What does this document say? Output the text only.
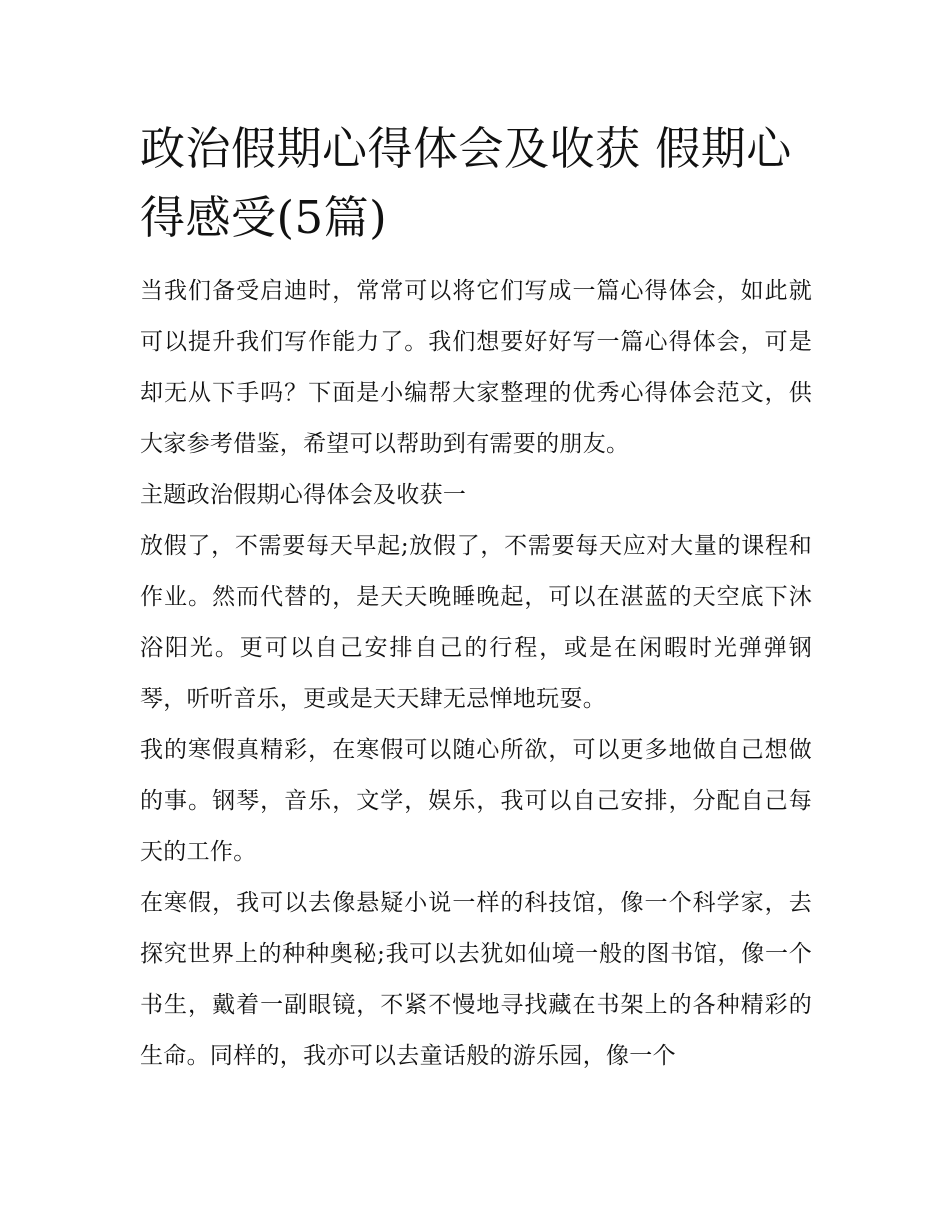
政治假期心得体会及收获 假期心得感受(5篇)

当我们备受启迪时，常常可以将它们写成一篇心得体会，如此就可以提升我们写作能力了。我们想要好好写一篇心得体会，可是却无从下手吗？下面是小编帮大家整理的优秀心得体会范文，供大家参考借鉴，希望可以帮助到有需要的朋友。

主题政治假期心得体会及收获一

放假了，不需要每天早起;放假了，不需要每天应对大量的课程和作业。然而代替的，是天天晚睡晚起，可以在湛蓝的天空底下沐浴阳光。更可以自己安排自己的行程，或是在闲暇时光弹弹钢琴，听听音乐，更或是天天肆无忌惮地玩耍。

我的寒假真精彩，在寒假可以随心所欲，可以更多地做自己想做的事。钢琴，音乐，文学，娱乐，我可以自己安排，分配自己每天的工作。

在寒假，我可以去像悬疑小说一样的科技馆，像一个科学家，去探究世界上的种种奥秘;我可以去犹如仙境一般的图书馆，像一个书生，戴着一副眼镜，不紧不慢地寻找藏在书架上的各种精彩的生命。同样的，我亦可以去童话般的游乐园，像一个
